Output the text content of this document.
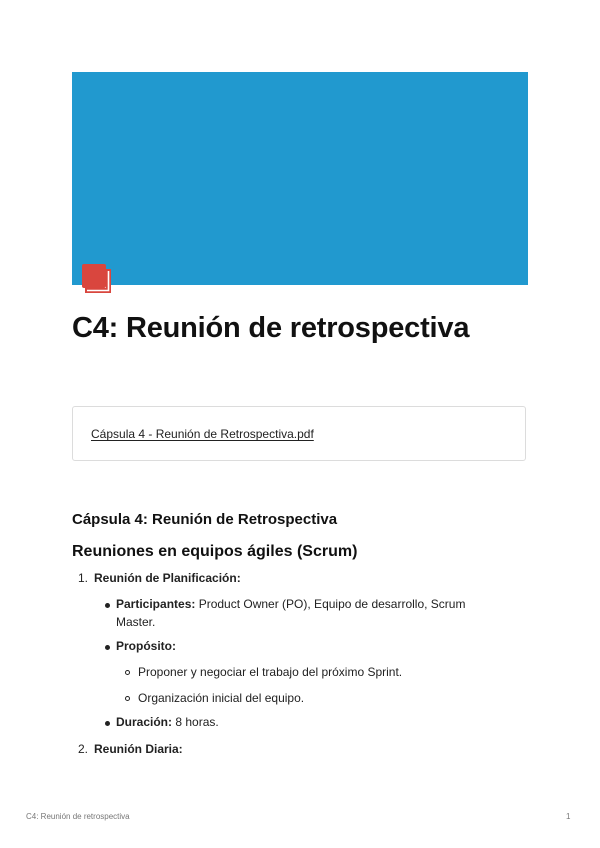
C4: Reunión de retrospectiva
Cápsula 4 - Reunión de Retrospectiva.pdf
Cápsula 4: Reunión de Retrospectiva
Reuniones en equipos ágiles (Scrum)
1. Reunión de Planificación:
Participantes: Product Owner (PO), Equipo de desarrollo, Scrum
Master.
Propósito:
Proponer y negociar el trabajo del próximo Sprint.
Organización inicial del equipo.
Duración: 8 horas.
2. Reunión Diaria:
C4: Reunión de retrospectiva	1
